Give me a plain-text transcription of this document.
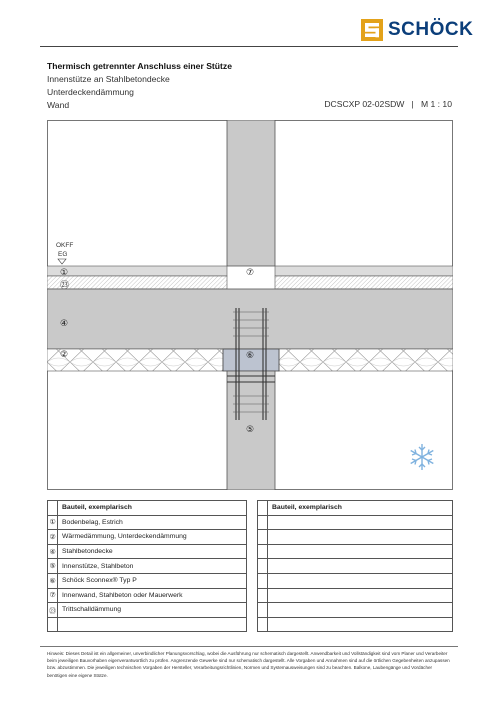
SCHÖCK
Thermisch getrennter Anschluss einer Stütze
Innenstütze an Stahlbetondecke
Unterdeckendämmung
Wand	DCSCXP 02-02SDW   |   M 1 : 10
OKFF
EG
①
㉓
④
②	⑥
⑦
⑤
	Bauteil, exemplarisch
①	Bodenbelag, Estrich
②	Wärmedämmung, Unterdeckendämmung
④	Stahlbetondecke
⑤	Innenstütze, Stahlbeton
⑥	Schöck Sconnex® Typ P
⑦	Innenwand, Stahlbeton oder Mauerwerk
㉓	Trittschalldämmung

	Bauteil, exemplarisch

Hinweis: Dieses Detail ist ein allgemeiner, unverbindlicher Planungsvorschlag, wobei die Ausführung nur schematisch dargestellt. Anwendbarkeit und Vollständigkeit sind vom Planer und Verarbeiter beim jeweiligen Bauvorhaben eigenverantwortlich zu prüfen. Angrenzende Gewerke sind nur schematisch dargestellt. Alle Vorgaben und Annahmen sind auf die örtlichen Gegebenheiten anzupassen bzw. abzustimmen. Die jeweiligen technischen Vorgaben der Hersteller, Verarbeitungsrichtlinien, Normen und Systemausweisungen sind zu beachten. Balkone, Laubengänge und Vordächer benötigen eine eigene Stütze.
